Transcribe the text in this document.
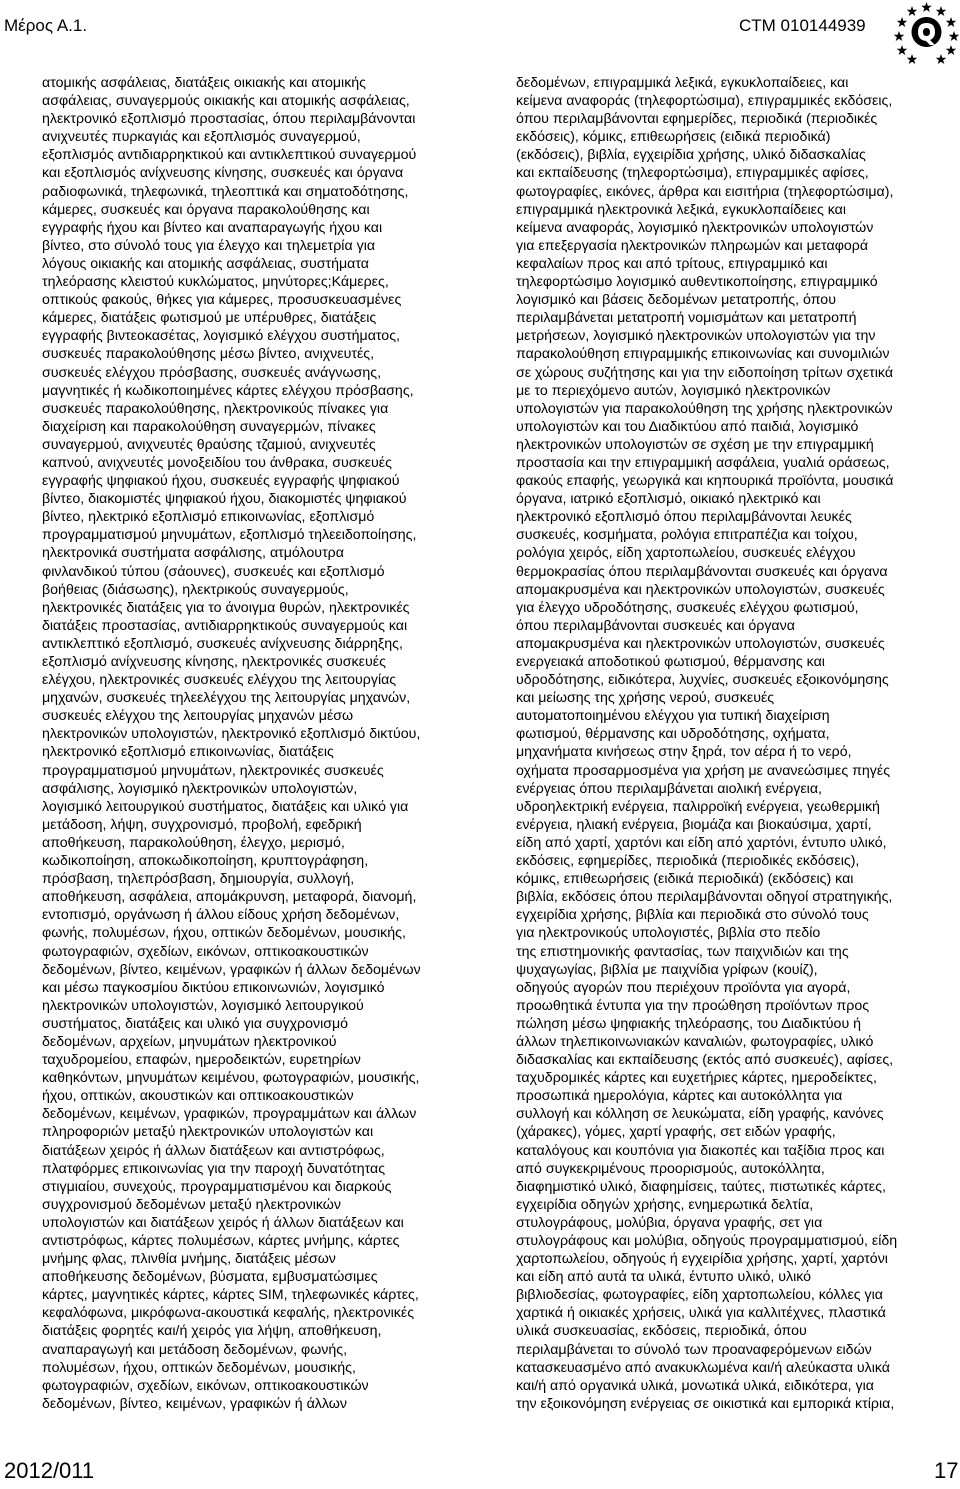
Μέρος Α.1.	CTM 010144939
ατομικής ασφάλειας, διατάξεις οικιακής και ατομικής
ασφάλειας, συναγερμούς οικιακής και ατομικής ασφάλειας,
ηλεκτρονικό εξοπλισμό προστασίας, όπου περιλαμβάνονται
ανιχνευτές πυρκαγιάς και εξοπλισμός συναγερμού,
εξοπλισμός αντιδιαρρηκτικού και αντικλεπτικού συναγερμού
και εξοπλισμός ανίχνευσης κίνησης, συσκευές και όργανα
ραδιοφωνικά, τηλεφωνικά, τηλεοπτικά και σηματοδότησης,
κάμερες, συσκευές και όργανα παρακολούθησης και
εγγραφής ήχου και βίντεο και αναπαραγωγής ήχου και
βίντεο, στο σύνολό τους για έλεγχο και τηλεμετρία για
λόγους οικιακής και ατομικής ασφάλειας, συστήματα
τηλεόρασης κλειστού κυκλώματος, μηνύτορες;Κάμερες,
οπτικούς φακούς, θήκες για κάμερες, προσυσκευασμένες
κάμερες, διατάξεις φωτισμού με υπέρυθρες, διατάξεις
εγγραφής βιντεοκασέτας, λογισμικό ελέγχου συστήματος,
συσκευές παρακολούθησης μέσω βίντεο, ανιχνευτές,
συσκευές ελέγχου πρόσβασης, συσκευές ανάγνωσης,
μαγνητικές ή κωδικοποιημένες κάρτες ελέγχου πρόσβασης,
συσκευές παρακολούθησης, ηλεκτρονικούς πίνακες για
διαχείριση και παρακολούθηση συναγερμών, πίνακες
συναγερμού, ανιχνευτές θραύσης τζαμιού, ανιχνευτές
καπνού, ανιχνευτές μονοξειδίου του άνθρακα, συσκευές
εγγραφής ψηφιακού ήχου, συσκευές εγγραφής ψηφιακού
βίντεο, διακομιστές ψηφιακού ήχου, διακομιστές ψηφιακού
βίντεο, ηλεκτρικό εξοπλισμό επικοινωνίας, εξοπλισμό
προγραμματισμού μηνυμάτων, εξοπλισμό τηλεειδοποίησης,
ηλεκτρονικά συστήματα ασφάλισης, ατμόλουτρα
φινλανδικού τύπου (σάουνες), συσκευές και εξοπλισμό
βοήθειας (διάσωσης), ηλεκτρικούς συναγερμούς,
ηλεκτρονικές διατάξεις για το άνοιγμα θυρών, ηλεκτρονικές
διατάξεις προστασίας, αντιδιαρρηκτικούς συναγερμούς και
αντικλεπτικό εξοπλισμό, συσκευές ανίχνευσης διάρρηξης,
εξοπλισμό ανίχνευσης κίνησης, ηλεκτρονικές συσκευές
ελέγχου, ηλεκτρονικές συσκευές ελέγχου της λειτουργίας
μηχανών, συσκευές τηλεελέγχου της λειτουργίας μηχανών,
συσκευές ελέγχου της λειτουργίας μηχανών μέσω
ηλεκτρονικών υπολογιστών, ηλεκτρονικό εξοπλισμό δικτύου,
ηλεκτρονικό εξοπλισμό επικοινωνίας, διατάξεις
προγραμματισμού μηνυμάτων, ηλεκτρονικές συσκευές
ασφάλισης, λογισμικό ηλεκτρονικών υπολογιστών,
λογισμικό λειτουργικού συστήματος, διατάξεις και υλικό για
μετάδοση, λήψη, συγχρονισμό, προβολή, εφεδρική
αποθήκευση, παρακολούθηση, έλεγχο, μερισμό,
κωδικοποίηση, αποκωδικοποίηση, κρυπτογράφηση,
πρόσβαση, τηλεπρόσβαση, δημιουργία, συλλογή,
αποθήκευση, ασφάλεια, απομάκρυνση, μεταφορά, διανομή,
εντοπισμό, οργάνωση ή άλλου είδους χρήση δεδομένων,
φωνής, πολυμέσων, ήχου, οπτικών δεδομένων, μουσικής,
φωτογραφιών, σχεδίων, εικόνων, οπτικοακουστικών
δεδομένων, βίντεο, κειμένων, γραφικών ή άλλων δεδομένων
και μέσω παγκοσμίου δικτύου επικοινωνιών, λογισμικό
ηλεκτρονικών υπολογιστών, λογισμικό λειτουργικού
συστήματος, διατάξεις και υλικό για συγχρονισμό
δεδομένων, αρχείων, μηνυμάτων ηλεκτρονικού
ταχυδρομείου, επαφών, ημεροδεικτών, ευρετηρίων
καθηκόντων, μηνυμάτων κειμένου, φωτογραφιών, μουσικής,
ήχου, οπτικών, ακουστικών και οπτικοακουστικών
δεδομένων, κειμένων, γραφικών, προγραμμάτων και άλλων
πληροφοριών μεταξύ ηλεκτρονικών υπολογιστών και
διατάξεων χειρός ή άλλων διατάξεων και αντιστρόφως,
πλατφόρμες επικοινωνίας για την παροχή δυνατότητας
στιγμιαίου, συνεχούς, προγραμματισμένου και διαρκούς
συγχρονισμού δεδομένων μεταξύ ηλεκτρονικών
υπολογιστών και διατάξεων χειρός ή άλλων διατάξεων και
αντιστρόφως, κάρτες πολυμέσων, κάρτες μνήμης, κάρτες
μνήμης φλας, πλινθία μνήμης, διατάξεις μέσων
αποθήκευσης δεδομένων, βύσματα, εμβυσματώσιμες
κάρτες, μαγνητικές κάρτες, κάρτες SIM, τηλεφωνικές κάρτες,
κεφαλόφωνα, μικρόφωνα-ακουστικά κεφαλής, ηλεκτρονικές
διατάξεις φορητές και/ή χειρός για λήψη, αποθήκευση,
αναπαραγωγή και μετάδοση δεδομένων, φωνής,
πολυμέσων, ήχου, οπτικών δεδομένων, μουσικής,
φωτογραφιών, σχεδίων, εικόνων, οπτικοακουστικών
δεδομένων, βίντεο, κειμένων, γραφικών ή άλλων
δεδομένων, επιγραμμικά λεξικά, εγκυκλοπαίδειες, και
κείμενα αναφοράς (τηλεφορτώσιμα), επιγραμμικές εκδόσεις,
όπου περιλαμβάνονται εφημερίδες, περιοδικά (περιοδικές
εκδόσεις), κόμικς, επιθεωρήσεις (ειδικά περιοδικά)
(εκδόσεις), βιβλία, εγχειρίδια χρήσης, υλικό διδασκαλίας
και εκπαίδευσης (τηλεφορτώσιμα), επιγραμμικές αφίσες,
φωτογραφίες, εικόνες, άρθρα και εισιτήρια (τηλεφορτώσιμα),
επιγραμμικά ηλεκτρονικά λεξικά, εγκυκλοπαίδειες και
κείμενα αναφοράς, λογισμικό ηλεκτρονικών υπολογιστών
για επεξεργασία ηλεκτρονικών πληρωμών και μεταφορά
κεφαλαίων προς και από τρίτους, επιγραμμικό και
τηλεφορτώσιμο λογισμικό αυθεντικοποίησης, επιγραμμικό
λογισμικό και βάσεις δεδομένων μετατροπής, όπου
περιλαμβάνεται μετατροπή νομισμάτων και μετατροπή
μετρήσεων, λογισμικό ηλεκτρονικών υπολογιστών για την
παρακολούθηση επιγραμμικής επικοινωνίας και συνομιλιών
σε χώρους συζήτησης και για την ειδοποίηση τρίτων σχετικά
με το περιεχόμενο αυτών, λογισμικό ηλεκτρονικών
υπολογιστών για παρακολούθηση της χρήσης ηλεκτρονικών
υπολογιστών και του Διαδικτύου από παιδιά, λογισμικό
ηλεκτρονικών υπολογιστών σε σχέση με την επιγραμμική
προστασία και την επιγραμμική ασφάλεια, γυαλιά οράσεως,
φακούς επαφής, γεωργικά και κηπουρικά προϊόντα, μουσικά
όργανα, ιατρικό εξοπλισμό, οικιακό ηλεκτρικό και
ηλεκτρονικό εξοπλισμό όπου περιλαμβάνονται λευκές
συσκευές, κοσμήματα, ρολόγια επιτραπέζια και τοίχου,
ρολόγια χειρός, είδη χαρτοπωλείου, συσκευές ελέγχου
θερμοκρασίας όπου περιλαμβάνονται συσκευές και όργανα
απομακρυσμένα και ηλεκτρονικών υπολογιστών, συσκευές
για έλεγχο υδροδότησης, συσκευές ελέγχου φωτισμού,
όπου περιλαμβάνονται συσκευές και όργανα
απομακρυσμένα και ηλεκτρονικών υπολογιστών, συσκευές
ενεργειακά αποδοτικού φωτισμού, θέρμανσης και
υδροδότησης, ειδικότερα, λυχνίες, συσκευές εξοικονόμησης
και μείωσης της χρήσης νερού, συσκευές
αυτοματοποιημένου ελέγχου για τυπική διαχείριση
φωτισμού, θέρμανσης και υδροδότησης, οχήματα,
μηχανήματα κινήσεως στην ξηρά, τον αέρα ή το νερό,
οχήματα προσαρμοσμένα για χρήση με ανανεώσιμες πηγές
ενέργειας όπου περιλαμβάνεται αιολική ενέργεια,
υδροηλεκτρική ενέργεια, παλιρροϊκή ενέργεια, γεωθερμική
ενέργεια, ηλιακή ενέργεια, βιομάζα και βιοκαύσιμα, χαρτί,
είδη από χαρτί, χαρτόνι και είδη από χαρτόνι, έντυπο υλικό,
εκδόσεις, εφημερίδες, περιοδικά (περιοδικές εκδόσεις),
κόμικς, επιθεωρήσεις (ειδικά περιοδικά) (εκδόσεις) και
βιβλία, εκδόσεις όπου περιλαμβάνονται οδηγοί στρατηγικής,
εγχειρίδια χρήσης, βιβλία και περιοδικά στο σύνολό τους
για ηλεκτρονικούς υπολογιστές, βιβλία στο πεδίο
της επιστημονικής φαντασίας, των παιχνιδιών και της
ψυχαγωγίας, βιβλία με παιχνίδια γρίφων (κουίζ),
οδηγούς αγορών που περιέχουν προϊόντα για αγορά,
προωθητικά έντυπα για την προώθηση προϊόντων προς
πώληση μέσω ψηφιακής τηλεόρασης, του Διαδικτύου ή
άλλων τηλεπικοινωνιακών καναλιών, φωτογραφίες, υλικό
διδασκαλίας και εκπαίδευσης (εκτός από συσκευές), αφίσες,
ταχυδρομικές κάρτες και ευχετήριες κάρτες, ημεροδείκτες,
προσωπικά ημερολόγια, κάρτες και αυτοκόλλητα για
συλλογή και κόλληση σε λευκώματα, είδη γραφής, κανόνες
(χάρακες), γόμες, χαρτί γραφής, σετ ειδών γραφής,
καταλόγους και κουπόνια για διακοπές και ταξίδια προς και
από συγκεκριμένους προορισμούς, αυτοκόλλητα,
διαφημιστικό υλικό, διαφημίσεις, ταύτες, πιστωτικές κάρτες,
εγχειρίδια οδηγών χρήσης, ενημερωτικά δελτία,
στυλογράφους, μολύβια, όργανα γραφής, σετ για
στυλογράφους και μολύβια, οδηγούς προγραμματισμού, είδη
χαρτοπωλείου, οδηγούς ή εγχειρίδια χρήσης, χαρτί, χαρτόνι
και είδη από αυτά τα υλικά, έντυπο υλικό, υλικό
βιβλιοδεσίας, φωτογραφίες, είδη χαρτοπωλείου, κόλλες για
χαρτικά ή οικιακές χρήσεις, υλικά για καλλιτέχνες, πλαστικά
υλικά συσκευασίας, εκδόσεις, περιοδικά, όπου
περιλαμβάνεται το σύνολό των προαναφερόμενων ειδών
κατασκευασμένο από ανακυκλωμένα και/ή αλεύκαστα υλικά
και/ή από οργανικά υλικά, μονωτικά υλικά, ειδικότερα, για
την εξοικονόμηση ενέργειας σε οικιστικά και εμπορικά κτίρια,
2012/011	17
